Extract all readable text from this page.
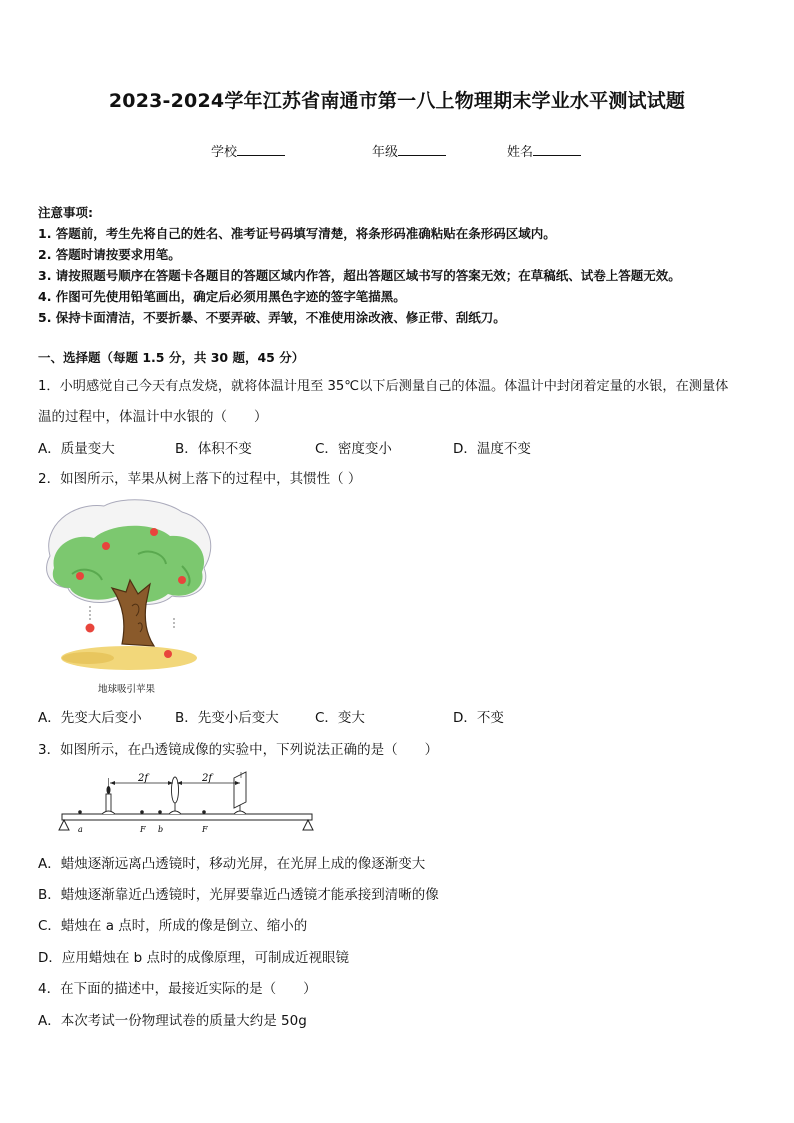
2023-2024学年江苏省南通市第一八上物理期末学业水平测试试题
学校	年级	姓名
注意事项:
1. 答题前，考生先将自己的姓名、准考证号码填写清楚，将条形码准确粘贴在条形码区域内。
2. 答题时请按要求用笔。
3. 请按照题号顺序在答题卡各题目的答题区域内作答，超出答题区域书写的答案无效；在草稿纸、试卷上答题无效。
4. 作图可先使用铅笔画出，确定后必须用黑色字迹的签字笔描黑。
5. 保持卡面清洁，不要折暴、不要弄破、弄皱，不准使用涂改液、修正带、刮纸刀。
一、选择题（每题 1.5 分，共 30 题，45 分）
1．小明感觉自己今天有点发烧，就将体温计甩至 35℃以下后测量自己的体温。体温计中封闭着定量的水银，在测量体
温的过程中，体温计中水银的（　　）
A．质量变大	B．体积不变	C．密度变小	D．温度不变
2．如图所示，苹果从树上落下的过程中，其惯性（ ）
地球吸引苹果
A．先变大后变小 B．先变小后变大	C．变大	D．不变
3．如图所示，在凸透镜成像的实验中，下列说法正确的是（　　）
2f	2f
a	F b	F
A．蜡烛逐渐远离凸透镜时，移动光屏，在光屏上成的像逐渐变大
B．蜡烛逐渐靠近凸透镜时，光屏要靠近凸透镜才能承接到清晰的像
C．蜡烛在 a 点时，所成的像是倒立、缩小的
D．应用蜡烛在 b 点时的成像原理，可制成近视眼镜
4．在下面的描述中，最接近实际的是（　　）
A．本次考试一份物理试卷的质量大约是 50g
